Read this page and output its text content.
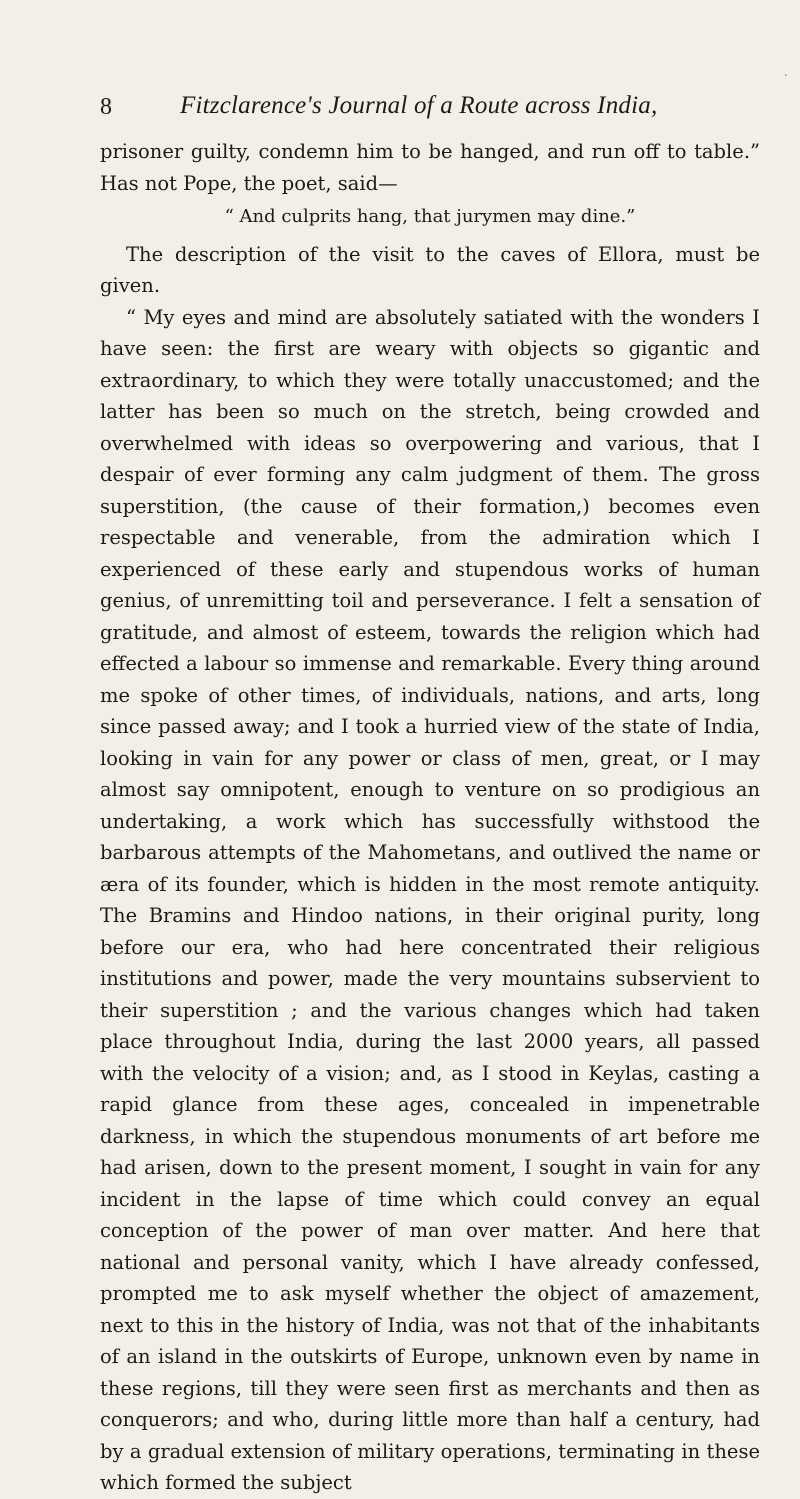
·
8	Fitzclarence's Journal of a Route across India,

prisoner guilty, condemn him to be hanged, and run off to table.” Has not Pope, the poet, said—

“ And culprits hang, that jurymen may dine.”

The description of the visit to the caves of Ellora, must be given.

“ My eyes and mind are absolutely satiated with the wonders I have seen: the first are weary with objects so gigantic and extraordinary, to which they were totally unaccustomed; and the latter has been so much on the stretch, being crowded and overwhelmed with ideas so overpowering and various, that I despair of ever forming any calm judgment of them. The gross superstition, (the cause of their formation,) becomes even respectable and venerable, from the admiration which I experienced of these early and stupendous works of human genius, of unremitting toil and perseverance. I felt a sensation of gratitude, and almost of esteem, towards the religion which had effected a labour so immense and remarkable. Every thing around me spoke of other times, of individuals, nations, and arts, long since passed away; and I took a hurried view of the state of India, looking in vain for any power or class of men, great, or I may almost say omnipotent, enough to venture on so prodigious an undertaking, a work which has successfully withstood the barbarous attempts of the Mahometans, and outlived the name or æra of its founder, which is hidden in the most remote antiquity. The Bramins and Hindoo nations, in their original purity, long before our era, who had here concentrated their religious institutions and power, made the very mountains subservient to their superstition ; and the various changes which had taken place throughout India, during the last 2000 years, all passed with the velocity of a vision; and, as I stood in Keylas, casting a rapid glance from these ages, concealed in impenetrable darkness, in which the stupendous monuments of art before me had arisen, down to the present moment, I sought in vain for any incident in the lapse of time which could convey an equal conception of the power of man over matter. And here that national and personal vanity, which I have already confessed, prompted me to ask myself whether the object of amazement, next to this in the history of India, was not that of the inhabitants of an island in the outskirts of Europe, unknown even by name in these regions, till they were seen first as merchants and then as conquerors; and who, during little more than half a century, had by a gradual extension of military operations, terminating in these which formed the subject
